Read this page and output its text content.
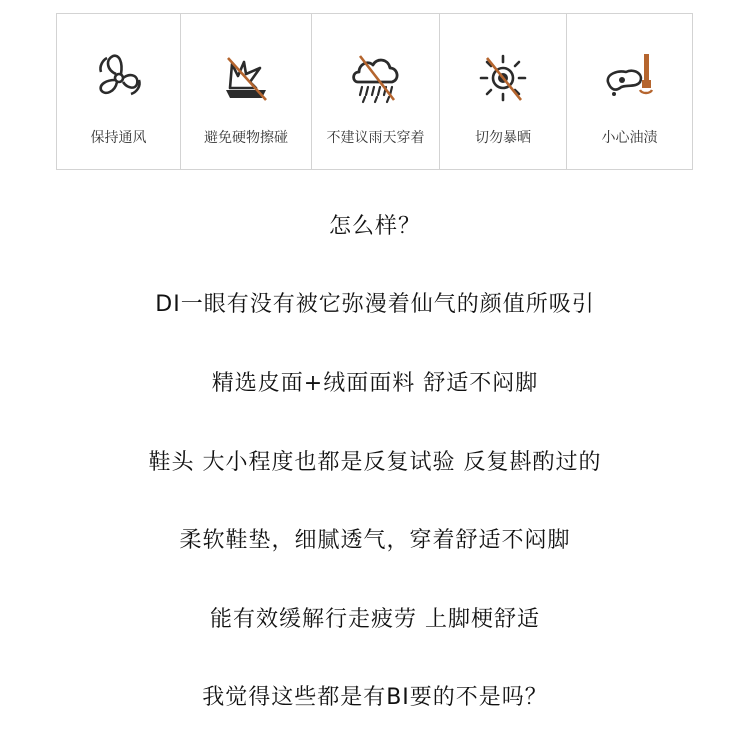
保持通风	避免硬物擦碰	不建议雨天穿着	切勿暴晒	小心油渍
怎么样？
DI一眼有没有被它弥漫着仙气的颜值所吸引
精选皮面+绒面面料 舒适不闷脚
鞋头 大小程度也都是反复试验 反复斟酌过的
柔软鞋垫，细腻透气，穿着舒适不闷脚
能有效缓解行走疲劳 上脚梗舒适
我觉得这些都是有BI要的不是吗？
